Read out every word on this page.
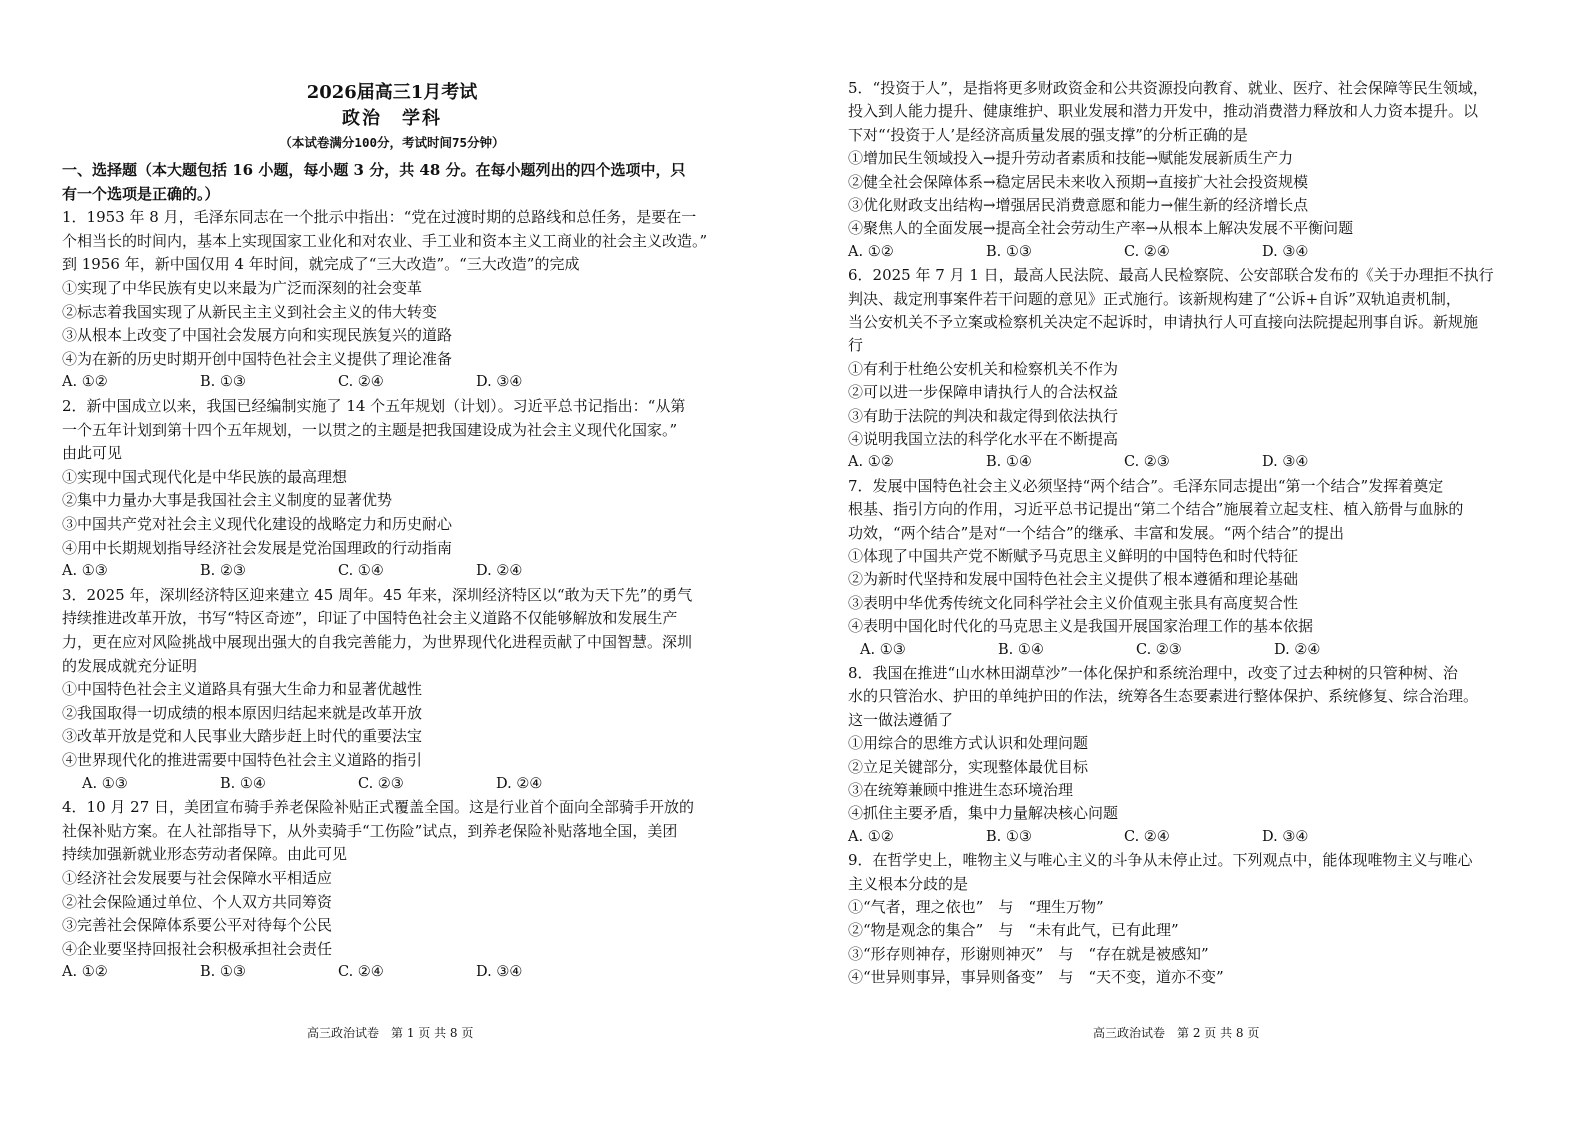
2026届高三1月考试
政治　学科
（本试卷满分100分，考试时间75分钟）
一、选择题（本大题包括 16 小题，每小题 3 分，共 48 分。在每小题列出的四个选项中，只
有一个选项是正确的。）
1．1953 年 8 月，毛泽东同志在一个批示中指出：“党在过渡时期的总路线和总任务，是要在一
个相当长的时间内，基本上实现国家工业化和对农业、手工业和资本主义工商业的社会主义改造。”
到 1956 年，新中国仅用 4 年时间，就完成了“三大改造”。“三大改造”的完成
①实现了中华民族有史以来最为广泛而深刻的社会变革
②标志着我国实现了从新民主主义到社会主义的伟大转变
③从根本上改变了中国社会发展方向和实现民族复兴的道路
④为在新的历史时期开创中国特色社会主义提供了理论准备
A. ①②	B. ①③	C. ②④	D. ③④
2．新中国成立以来，我国已经编制实施了 14 个五年规划（计划）。习近平总书记指出：“从第
一个五年计划到第十四个五年规划，一以贯之的主题是把我国建设成为社会主义现代化国家。”
由此可见
①实现中国式现代化是中华民族的最高理想
②集中力量办大事是我国社会主义制度的显著优势
③中国共产党对社会主义现代化建设的战略定力和历史耐心
④用中长期规划指导经济社会发展是党治国理政的行动指南
A. ①③	B. ②③	C. ①④	D. ②④
3．2025 年，深圳经济特区迎来建立 45 周年。45 年来，深圳经济特区以“敢为天下先”的勇气
持续推进改革开放，书写“特区奇迹”，印证了中国特色社会主义道路不仅能够解放和发展生产
力，更在应对风险挑战中展现出强大的自我完善能力，为世界现代化进程贡献了中国智慧。深圳
的发展成就充分证明
①中国特色社会主义道路具有强大生命力和显著优越性
②我国取得一切成绩的根本原因归结起来就是改革开放
③改革开放是党和人民事业大踏步赶上时代的重要法宝
④世界现代化的推进需要中国特色社会主义道路的指引
A. ①③	B. ①④	C. ②③	D. ②④
4．10 月 27 日，美团宣布骑手养老保险补贴正式覆盖全国。这是行业首个面向全部骑手开放的
社保补贴方案。在人社部指导下，从外卖骑手“工伤险”试点，到养老保险补贴落地全国，美团
持续加强新就业形态劳动者保障。由此可见
①经济社会发展要与社会保障水平相适应
②社会保险通过单位、个人双方共同筹资
③完善社会保障体系要公平对待每个公民
④企业要坚持回报社会积极承担社会责任
A. ①②	B. ①③	C. ②④	D. ③④
高三政治试卷　第 1 页 共 8 页
5．“投资于人”，是指将更多财政资金和公共资源投向教育、就业、医疗、社会保障等民生领域，
投入到人能力提升、健康维护、职业发展和潜力开发中，推动消费潜力释放和人力资本提升。以
下对“‘投资于人’是经济高质量发展的强支撑”的分析正确的是
①增加民生领域投入→提升劳动者素质和技能→赋能发展新质生产力
②健全社会保障体系→稳定居民未来收入预期→直接扩大社会投资规模
③优化财政支出结构→增强居民消费意愿和能力→催生新的经济增长点
④聚焦人的全面发展→提高全社会劳动生产率→从根本上解决发展不平衡问题
A. ①②	B. ①③	C. ②④	D. ③④
6．2025 年 7 月 1 日，最高人民法院、最高人民检察院、公安部联合发布的《关于办理拒不执行
判决、裁定刑事案件若干问题的意见》正式施行。该新规构建了“公诉+自诉”双轨追责机制，
当公安机关不予立案或检察机关决定不起诉时，申请执行人可直接向法院提起刑事自诉。新规施
行
①有利于杜绝公安机关和检察机关不作为
②可以进一步保障申请执行人的合法权益
③有助于法院的判决和裁定得到依法执行
④说明我国立法的科学化水平在不断提高
A. ①②	B. ①④	C. ②③	D. ③④
7．发展中国特色社会主义必须坚持“两个结合”。毛泽东同志提出“第一个结合”发挥着奠定
根基、指引方向的作用，习近平总书记提出“第二个结合”施展着立起支柱、植入筋骨与血脉的
功效，“两个结合”是对“一个结合”的继承、丰富和发展。“两个结合”的提出
①体现了中国共产党不断赋予马克思主义鲜明的中国特色和时代特征
②为新时代坚持和发展中国特色社会主义提供了根本遵循和理论基础
③表明中华优秀传统文化同科学社会主义价值观主张具有高度契合性
④表明中国化时代化的马克思主义是我国开展国家治理工作的基本依据
A. ①③	B. ①④	C. ②③	D. ②④
8．我国在推进“山水林田湖草沙”一体化保护和系统治理中，改变了过去种树的只管种树、治
水的只管治水、护田的单纯护田的作法，统筹各生态要素进行整体保护、系统修复、综合治理。
这一做法遵循了
①用综合的思维方式认识和处理问题
②立足关键部分，实现整体最优目标
③在统筹兼顾中推进生态环境治理
④抓住主要矛盾，集中力量解决核心问题
A. ①②	B. ①③	C. ②④	D. ③④
9．在哲学史上，唯物主义与唯心主义的斗争从未停止过。下列观点中，能体现唯物主义与唯心
主义根本分歧的是
①“气者，理之依也”　与　“理生万物”
②“物是观念的集合”　与　“未有此气，已有此理”
③“形存则神存，形谢则神灭”　与　“存在就是被感知”
④“世异则事异，事异则备变”　与　“天不变，道亦不变”
高三政治试卷　第 2 页 共 8 页
